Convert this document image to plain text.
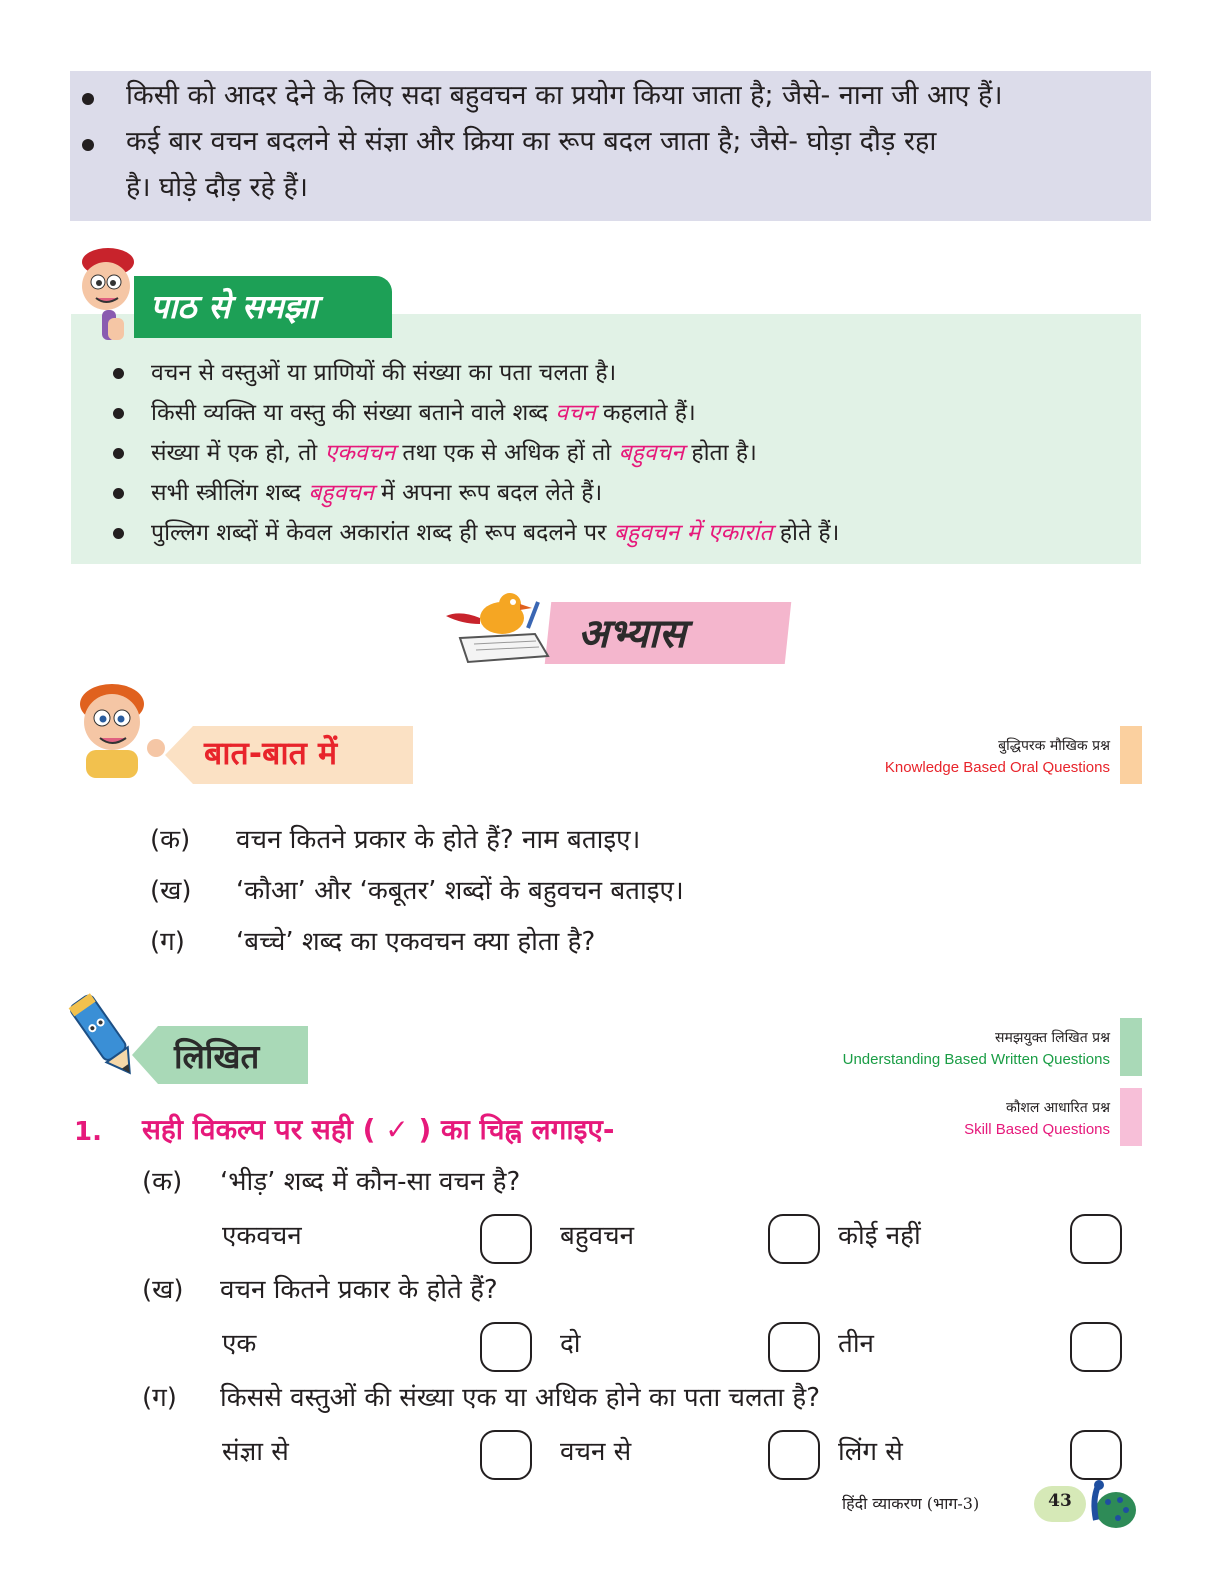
किसी को आदर देने के लिए सदा बहुवचन का प्रयोग किया जाता है; जैसे- नाना जी आए हैं।
कई बार वचन बदलने से संज्ञा और क्रिया का रूप बदल जाता है; जैसे- घोड़ा दौड़ रहा
है। घोड़े दौड़ रहे हैं।
वचन से वस्तुओं या प्राणियों की संख्या का पता चलता है।
किसी व्यक्ति या वस्तु की संख्या बताने वाले शब्द वचन कहलाते हैं।
संख्या में एक हो, तो एकवचन तथा एक से अधिक हों तो बहुवचन होता है।
सभी स्त्रीलिंग शब्द बहुवचन में अपना रूप बदल लेते हैं।
पुल्लिग शब्दों में केवल अकारांत शब्द ही रूप बदलने पर बहुवचन में एकारांत होते हैं।
पाठ से समझा
अभ्यास
बात-बात में	बुद्धिपरक मौखिक प्रश्न
Knowledge Based Oral Questions
(क) वचन कितने प्रकार के होते हैं? नाम बताइए।
(ख) ‘कौआ’ और ‘कबूतर’ शब्दों के बहुवचन बताइए।
(ग) ‘बच्चे’ शब्द का एकवचन क्या होता है?
लिखित	समझयुक्त लिखित प्रश्न
Understanding Based Written Questions
कौशल आधारित प्रश्न
Skill Based Questions
1. सही विकल्प पर सही ( ✓ ) का चिह्न लगाइए-
(क) ‘भीड़’ शब्द में कौन-सा वचन है?
एकवचन	बहुवचन	कोई नहीं
(ख) वचन कितने प्रकार के होते हैं?
एक	दो	तीन
(ग) किससे वस्तुओं की संख्या एक या अधिक होने का पता चलता है?
संज्ञा से	वचन से	लिंग से
हिंदी व्याकरण (भाग-3)	43
